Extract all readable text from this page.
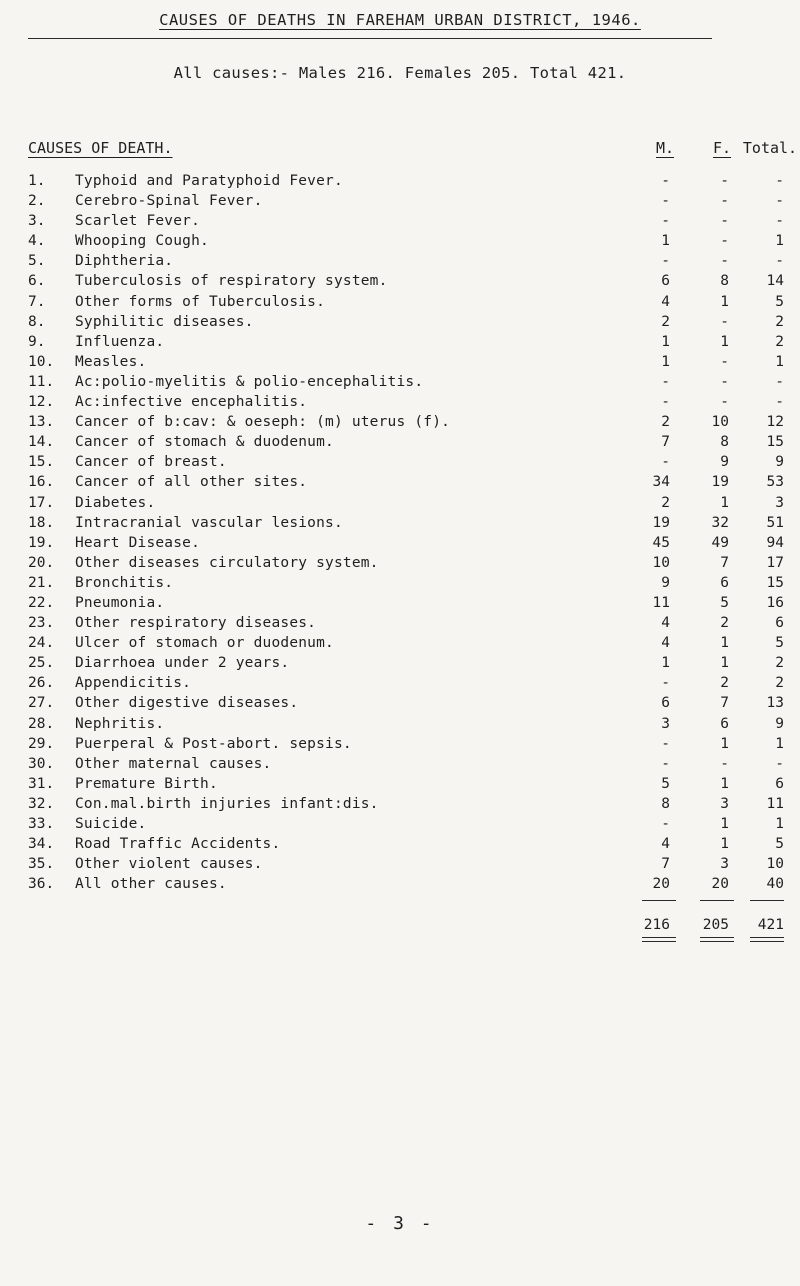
CAUSES OF DEATHS IN FAREHAM URBAN DISTRICT, 1946.
All causes:- Males 216. Females 205. Total 421.
CAUSES OF DEATH.	M.	F. Total.
1. Typhoid and Paratyphoid Fever.	-	-	-
2. Cerebro-Spinal Fever.	-	-	-
3. Scarlet Fever.	-	-	-
4. Whooping Cough.	1	-	1
5. Diphtheria.	-	-	-
6. Tuberculosis of respiratory system.	6	8	14
7. Other forms of Tuberculosis.	4	1	5
8. Syphilitic diseases.	2	-	2
9. Influenza.	1	1	2
10. Measles.	1	-	1
11. Ac:polio-myelitis & polio-encephalitis.	-	-	-
12. Ac:infective encephalitis.	-	-	-
13. Cancer of b:cav: & oeseph: (m) uterus (f).	2	10	12
14. Cancer of stomach & duodenum.	7	8	15
15. Cancer of breast.	-	9	9
16. Cancer of all other sites.	34	19	53
17. Diabetes.	2	1	3
18. Intracranial vascular lesions.	19	32	51
19. Heart Disease.	45	49	94
20. Other diseases circulatory system.	10	7	17
21. Bronchitis.	9	6	15
22. Pneumonia.	11	5	16
23. Other respiratory diseases.	4	2	6
24. Ulcer of stomach or duodenum.	4	1	5
25. Diarrhoea under 2 years.	1	1	2
26. Appendicitis.	-	2	2
27. Other digestive diseases.	6	7	13
28. Nephritis.	3	6	9
29. Puerperal & Post-abort. sepsis.	-	1	1
30. Other maternal causes.	-	-	-
31. Premature Birth.	5	1	6
32. Con.mal.birth injuries infant:dis.	8	3	11
33. Suicide.	-	1	1
34. Road Traffic Accidents.	4	1	5
35. Other violent causes.	7	3	10
36. All other causes.	20	20	40
216	205	421
- 3 -
